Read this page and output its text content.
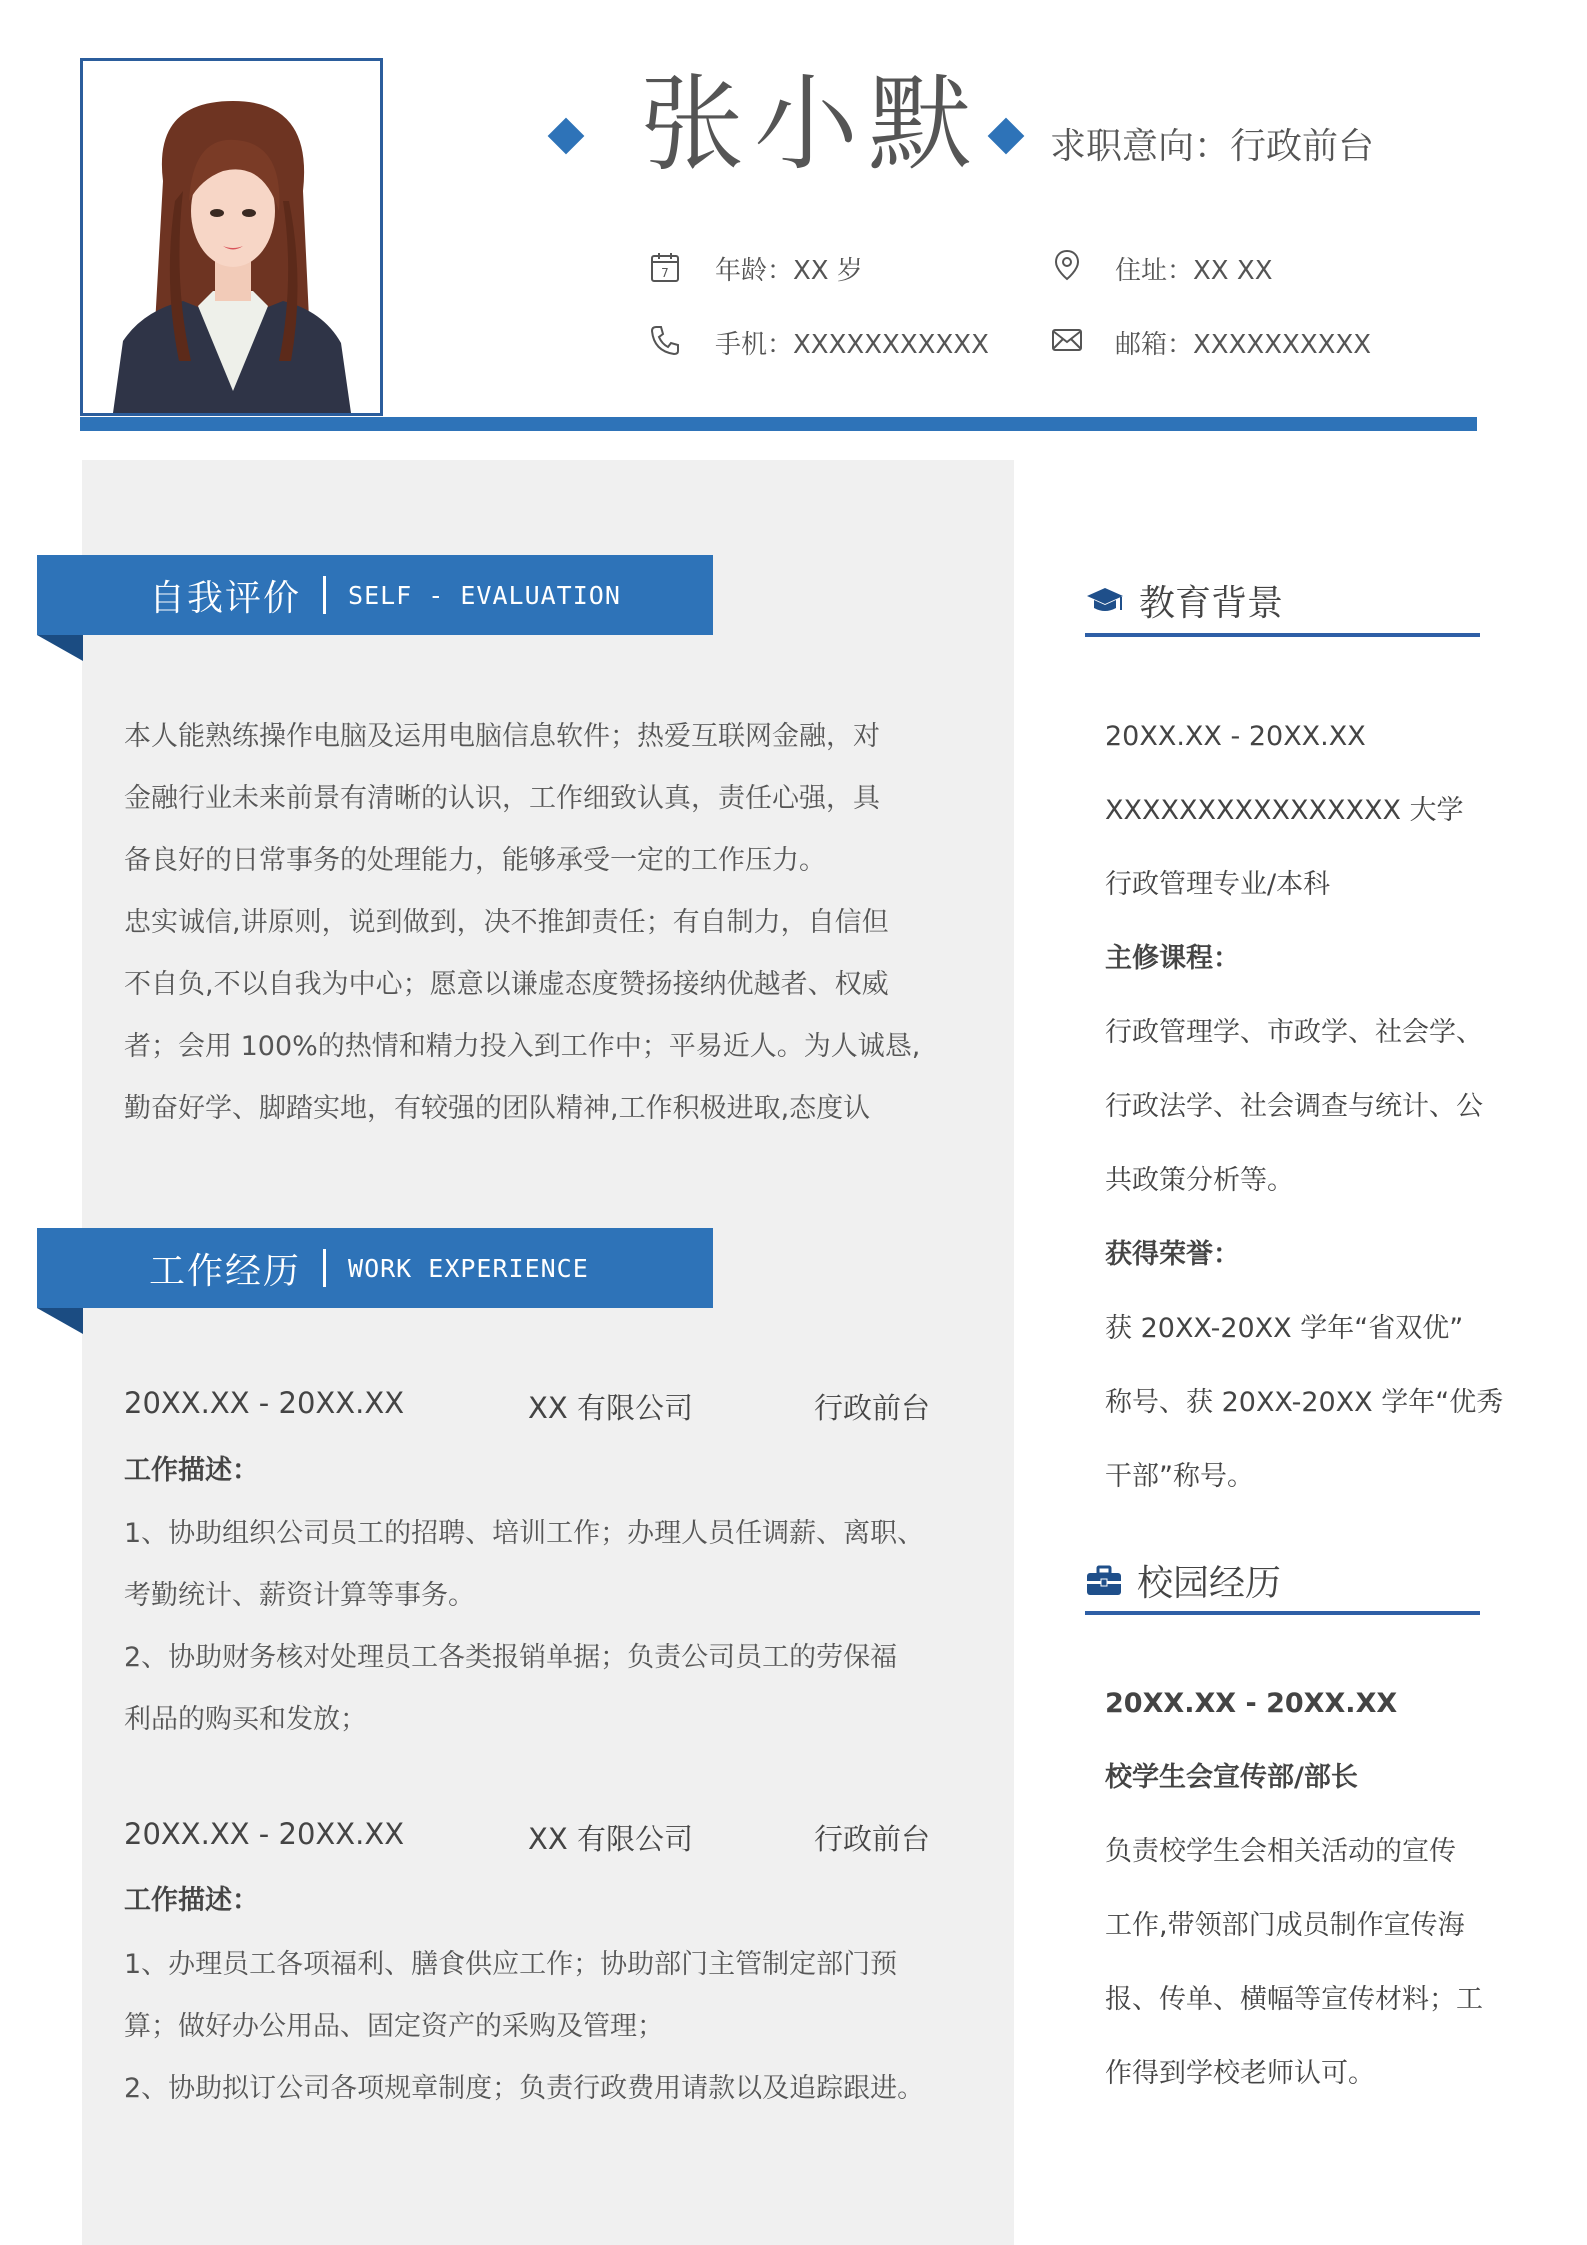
张小默 求职意向：行政前台
7 年龄：XX 岁	住址：XX XX
手机：XXXXXXXXXXX	邮箱：XXXXXXXXXX
自我评价 SELF - EVALUATION
本人能熟练操作电脑及运用电脑信息软件；热爱互联网金融，对
金融行业未来前景有清晰的认识，工作细致认真，责任心强，具
备良好的日常事务的处理能力，能够承受一定的工作压力。
忠实诚信,讲原则，说到做到，决不推卸责任；有自制力，自信但
不自负,不以自我为中心；愿意以谦虚态度赞扬接纳优越者、权威
者；会用 100%的热情和精力投入到工作中；平易近人。为人诚恳,
勤奋好学、脚踏实地，有较强的团队精神,工作积极进取,态度认
工作经历 WORK EXPERIENCE
20XX.XX - 20XX.XX	XX 有限公司	行政前台
工作描述：
1、协助组织公司员工的招聘、培训工作；办理人员任调薪、离职、
考勤统计、薪资计算等事务。
2、协助财务核对处理员工各类报销单据；负责公司员工的劳保福
利品的购买和发放；
20XX.XX - 20XX.XX	XX 有限公司	行政前台
工作描述：
1、办理员工各项福利、膳食供应工作；协助部门主管制定部门预
算；做好办公用品、固定资产的采购及管理；
2、协助拟订公司各项规章制度；负责行政费用请款以及追踪跟进。
教育背景
20XX.XX - 20XX.XX
XXXXXXXXXXXXXXXX 大学
行政管理专业/本科
主修课程：
行政管理学、市政学、社会学、
行政法学、社会调查与统计、公
共政策分析等。
获得荣誉：
获 20XX-20XX 学年“省双优”
称号、获 20XX-20XX 学年“优秀
干部”称号。
校园经历
20XX.XX - 20XX.XX
校学生会宣传部/部长
负责校学生会相关活动的宣传
工作,带领部门成员制作宣传海
报、传单、横幅等宣传材料；工
作得到学校老师认可。
